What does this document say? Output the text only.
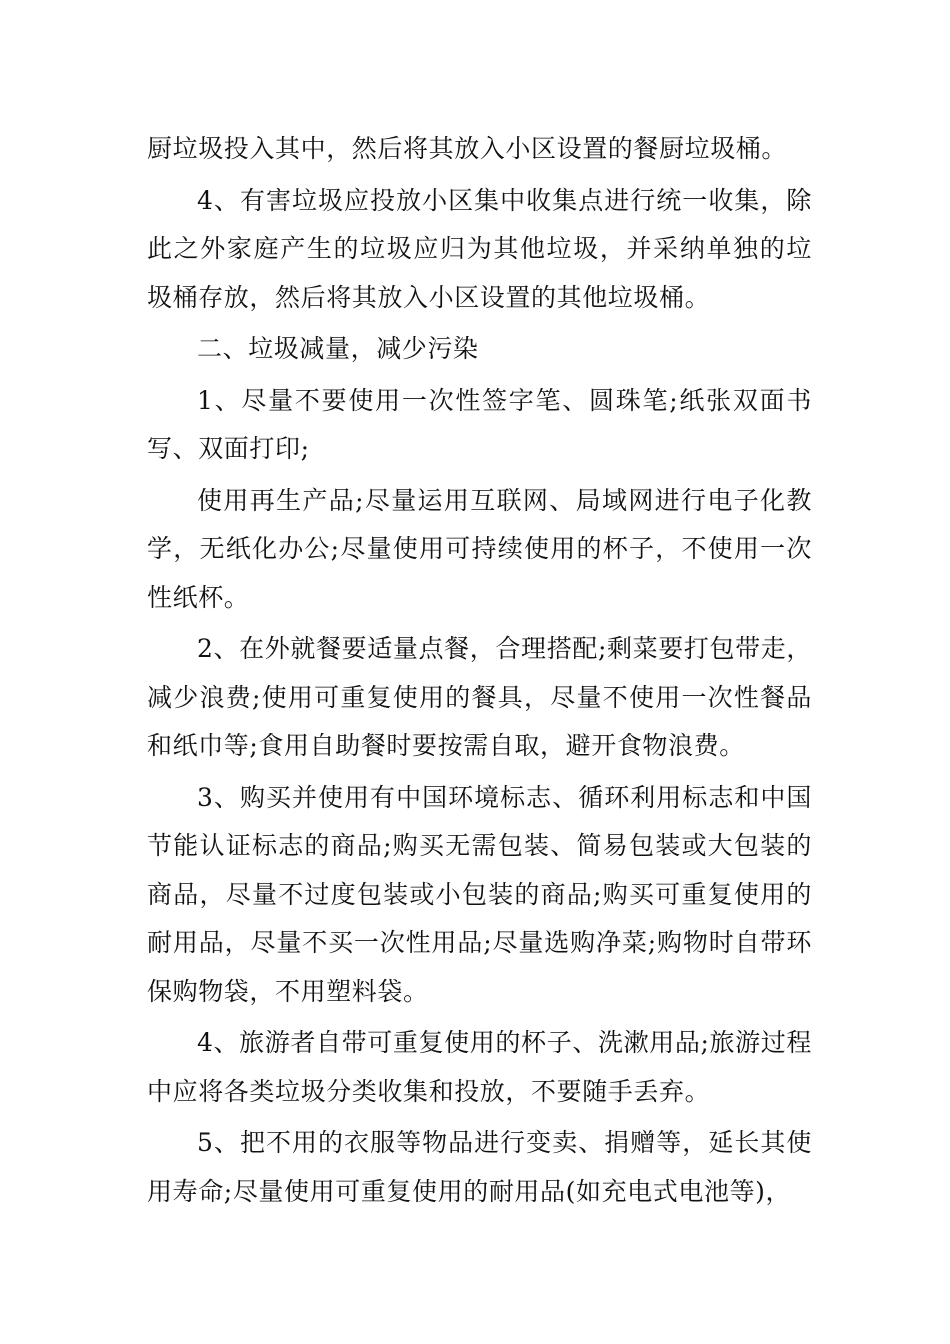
厨垃圾投入其中，然后将其放入小区设置的餐厨垃圾桶。

4、有害垃圾应投放小区集中收集点进行统一收集，除此之外家庭产生的垃圾应归为其他垃圾，并采纳单独的垃圾桶存放，然后将其放入小区设置的其他垃圾桶。

二、垃圾减量，减少污染

1、尽量不要使用一次性签字笔、圆珠笔;纸张双面书写、双面打印;

使用再生产品;尽量运用互联网、局域网进行电子化教学，无纸化办公;尽量使用可持续使用的杯子，不使用一次性纸杯。

2、在外就餐要适量点餐，合理搭配;剩菜要打包带走，减少浪费;使用可重复使用的餐具，尽量不使用一次性餐品和纸巾等;食用自助餐时要按需自取，避开食物浪费。

3、购买并使用有中国环境标志、循环利用标志和中国节能认证标志的商品;购买无需包装、简易包装或大包装的商品，尽量不过度包装或小包装的商品;购买可重复使用的耐用品，尽量不买一次性用品;尽量选购净菜;购物时自带环保购物袋，不用塑料袋。

4、旅游者自带可重复使用的杯子、洗漱用品;旅游过程中应将各类垃圾分类收集和投放，不要随手丢弃。

5、把不用的衣服等物品进行变卖、捐赠等，延长其使用寿命;尽量使用可重复使用的耐用品(如充电式电池等)，
